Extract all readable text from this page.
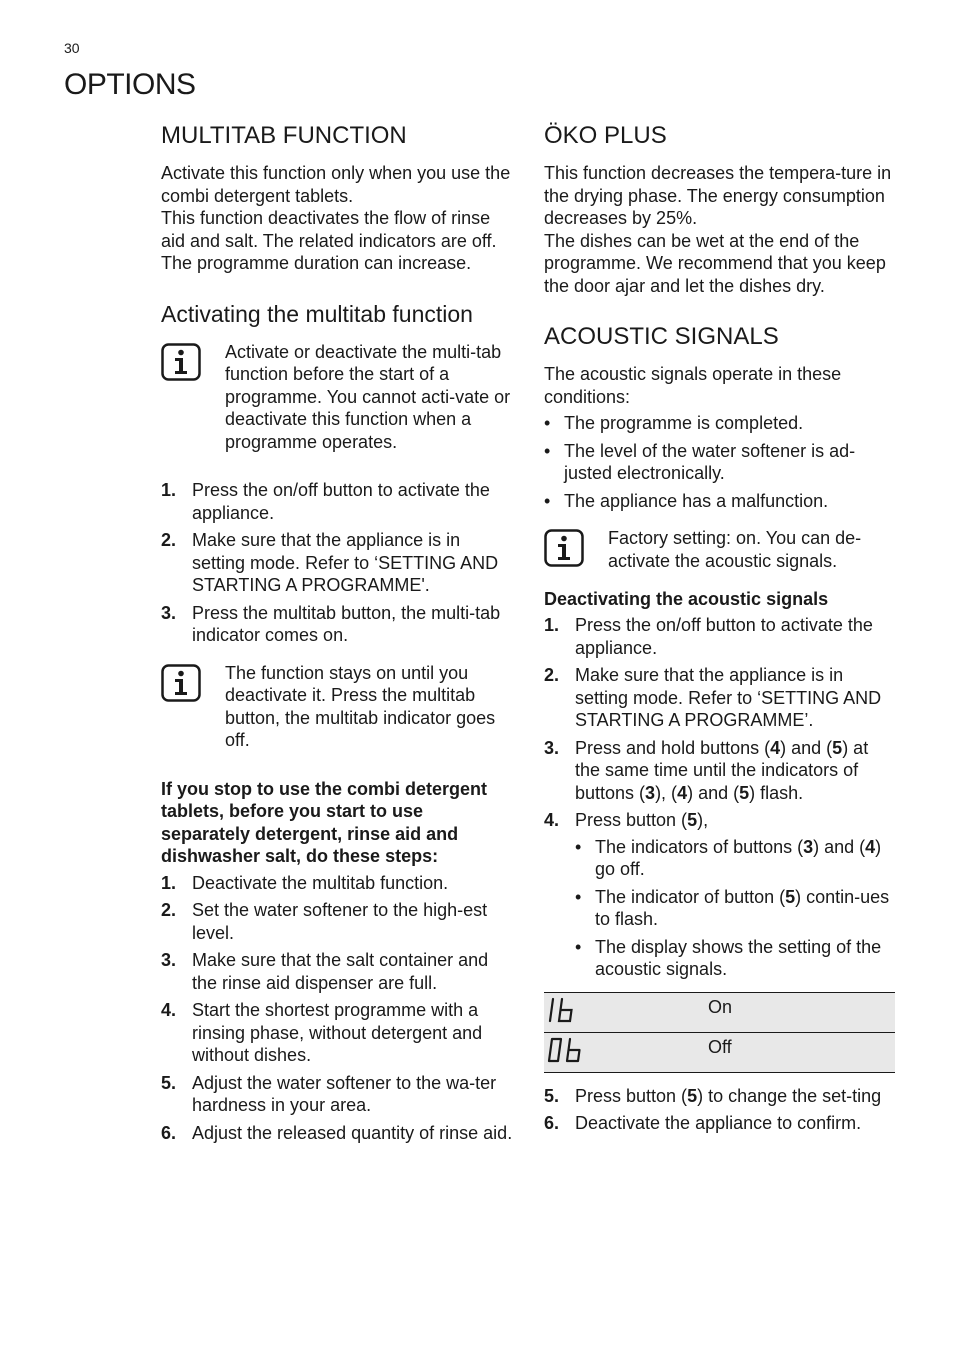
30
OPTIONS
MULTITAB FUNCTION

Activate this function only when you use the combi detergent tablets.

This function deactivates the flow of rinse aid and salt. The related indicators are off.

The programme duration can increase.

Activating the multitab function
Activate or deactivate the multi-tab function before the start of a programme. You cannot acti-vate or deactivate this function when a programme operates.
1. Press the on/off button to activate the appliance.
2. Make sure that the appliance is in setting mode. Refer to ‘SETTING AND STARTING A PROGRAMME'.
3. Press the multitab button, the multi-tab indicator comes on.
The function stays on until you deactivate it. Press the multitab button, the multitab indicator goes off.

If you stop to use the combi detergent tablets, before you start to use separately detergent, rinse aid and dishwasher salt, do these steps:

1. Deactivate the multitab function.
2. Set the water softener to the high-est level.
3. Make sure that the salt container and the rinse aid dispenser are full.
4. Start the shortest programme with a rinsing phase, without detergent and without dishes.
5. Adjust the water softener to the wa-ter hardness in your area.
6. Adjust the released quantity of rinse aid.
ÖKO PLUS

This function decreases the tempera-ture in the drying phase. The energy consumption decreases by 25%.

The dishes can be wet at the end of the programme. We recommend that you keep the door ajar and let the dishes dry.

ACOUSTIC SIGNALS

The acoustic signals operate in these conditions:

• The programme is completed.
• The level of the water softener is ad-justed electronically.
• The appliance has a malfunction.
Factory setting: on. You can de-activate the acoustic signals.
Deactivating the acoustic signals
1. Press the on/off button to activate the appliance.
2. Make sure that the appliance is in setting mode. Refer to ‘SETTING AND STARTING A PROGRAMME’.
3. Press and hold buttons (4) and (5) at the same time until the indicators of buttons (3), (4) and (5) flash.
4. Press button (5),
• The indicators of buttons (3) and (4) go off.
• The indicator of button (5) contin-ues to flash.
• The display shows the setting of the acoustic signals.
	On
	Off
5. Press button (5) to change the set-ting
6. Deactivate the appliance to confirm.
